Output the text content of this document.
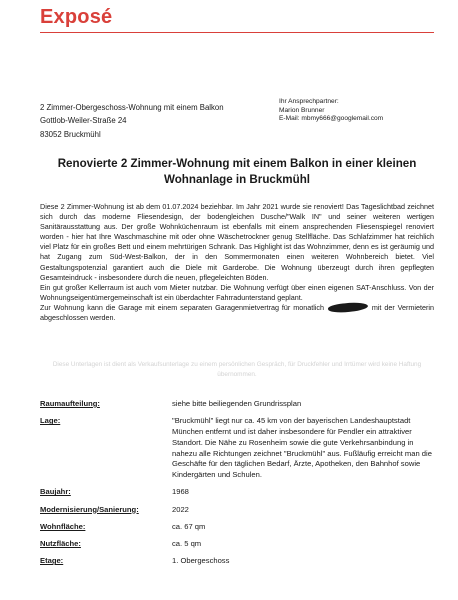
Exposé
2 Zimmer-Obergeschoss-Wohnung mit einem Balkon
Gottlob-Weiler-Straße 24
83052 Bruckmühl
Ihr Ansprechpartner:
Marion Brunner
E-Mail: mbmy666@googlemail.com
Renovierte 2 Zimmer-Wohnung mit einem Balkon in einer kleinen Wohnanlage in Bruckmühl

Diese 2 Zimmer-Wohnung ist ab dem 01.07.2024 beziehbar. Im Jahr 2021 wurde sie renoviert! Das Tageslichtbad zeichnet sich durch das moderne Fliesendesign, der bodengleichen Dusche/"Walk IN" und seiner weiteren wertigen Sanitärausstattung aus. Der große Wohnküchenraum ist ebenfalls mit einem ansprechenden Fliesenspiegel renoviert worden - hier hat Ihre Waschmaschine mit oder ohne Wäschetrockner genug Stellfläche. Das Schlafzimmer hat reichlich viel Platz für ein großes Bett und einem mehrtürigen Schrank. Das Highlight ist das Wohnzimmer, denn es ist geräumig und hat Zugang zum Süd-West-Balkon, der in den Sommermonaten einen weiteren Wohnbereich bietet. Viel Gestaltungspotenzial garantiert auch die Diele mit Garderobe. Die Wohnung überzeugt durch ihren gepflegten Gesamteindruck - insbesondere durch die neuen, pflegeleichten Böden.

Ein gut großer Kellerraum ist auch vom Mieter nutzbar. Die Wohnung verfügt über einen eigenen SAT-Anschluss. Von der Wohnungseigentümergemeinschaft ist ein überdachter Fahrradunterstand geplant.

Zur Wohnung kann die Garage mit einem separaten Garagenmietvertrag für monatlich	mit der Vermieterin abgeschlossen werden.

Diese Unterlagen ist dient als Verkaufsunterlage zu einem persönlichen Gespräch, für Druckfehler und Irrtümer wird keine Haftung übernommen.
Raumaufteilung:	siehe bitte beiliegenden Grundrissplan
Lage:	"Bruckmühl" liegt nur ca. 45 km von der bayerischen Landeshauptstadt München entfernt und ist daher insbesondere für Pendler ein attraktiver Standort. Die Nähe zu Rosenheim sowie die gute Verkehrsanbindung in nahezu alle Richtungen zeichnet "Bruckmühl" aus. Fußläufig erreicht man die Geschäfte für den täglichen Bedarf, Ärzte, Apotheken, den Bahnhof sowie Kindergärten und Schulen.
Baujahr:	1968
Modernisierung/Sanierung:	2022
Wohnfläche:	ca. 67 qm
Nutzfläche:	ca. 5 qm
Etage:	1. Obergeschoss
